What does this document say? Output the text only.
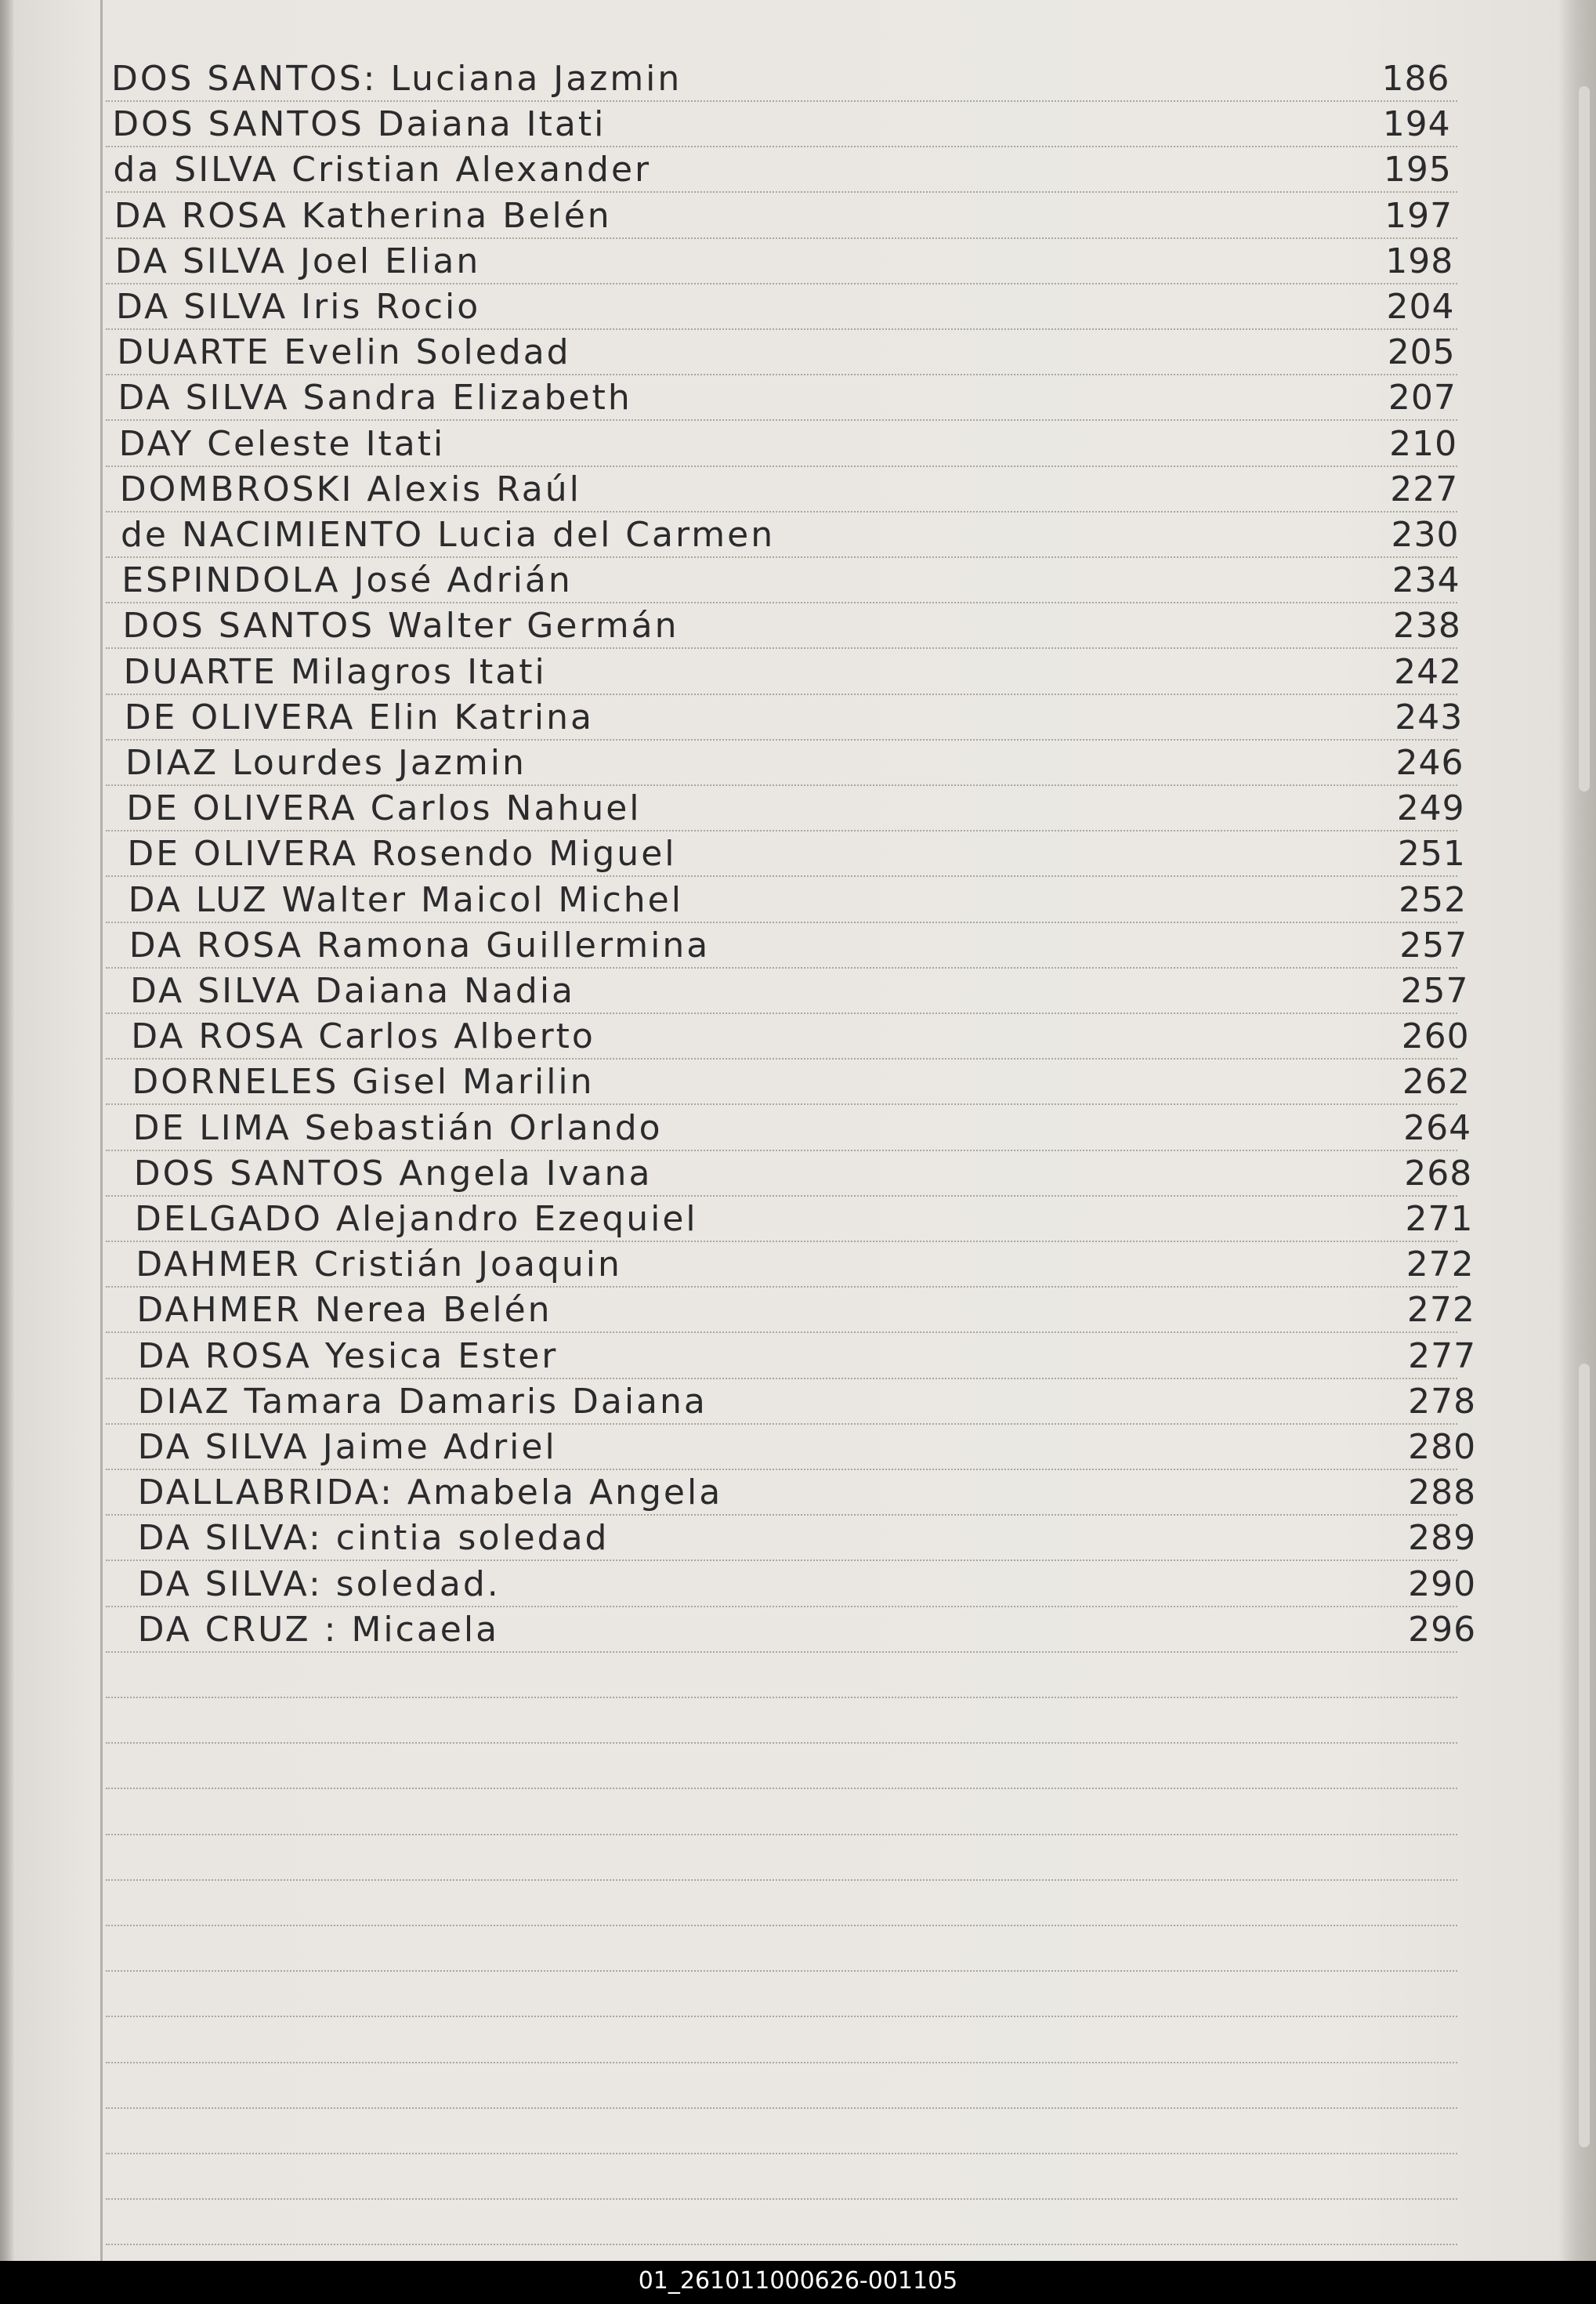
DOS SANTOS: Luciana Jazmin	186
DOS SANTOS Daiana Itati	194
da SILVA Cristian Alexander	195
DA ROSA Katherina Belén	197
DA SILVA Joel Elian	198
DA SILVA Iris Rocio	204
DUARTE Evelin Soledad	205
DA SILVA Sandra Elizabeth	207
DAY Celeste Itati	210
DOMBROSKI Alexis Raúl	227
de NACIMIENTO Lucia del Carmen	230
ESPINDOLA José Adrián	234
DOS SANTOS Walter Germán	238
DUARTE Milagros Itati	242
DE OLIVERA Elin Katrina	243
DIAZ Lourdes Jazmin	246
DE OLIVERA Carlos Nahuel	249
DE OLIVERA Rosendo Miguel	251
DA LUZ Walter Maicol Michel	252
DA ROSA Ramona Guillermina	257
DA SILVA Daiana Nadia	257
DA ROSA Carlos Alberto	260
DORNELES Gisel Marilin	262
DE LIMA Sebastián Orlando	264
DOS SANTOS Angela Ivana	268
DELGADO Alejandro Ezequiel	271
DAHMER Cristián Joaquin	272
DAHMER Nerea Belén	272
DA ROSA Yesica Ester	277
DIAZ Tamara Damaris Daiana	278
DA SILVA Jaime Adriel	280
DALLABRIDA: Amabela Angela	288
DA SILVA: cintia soledad	289
DA SILVA: soledad.	290
DA CRUZ : Micaela	296
01_261011000626-001105
